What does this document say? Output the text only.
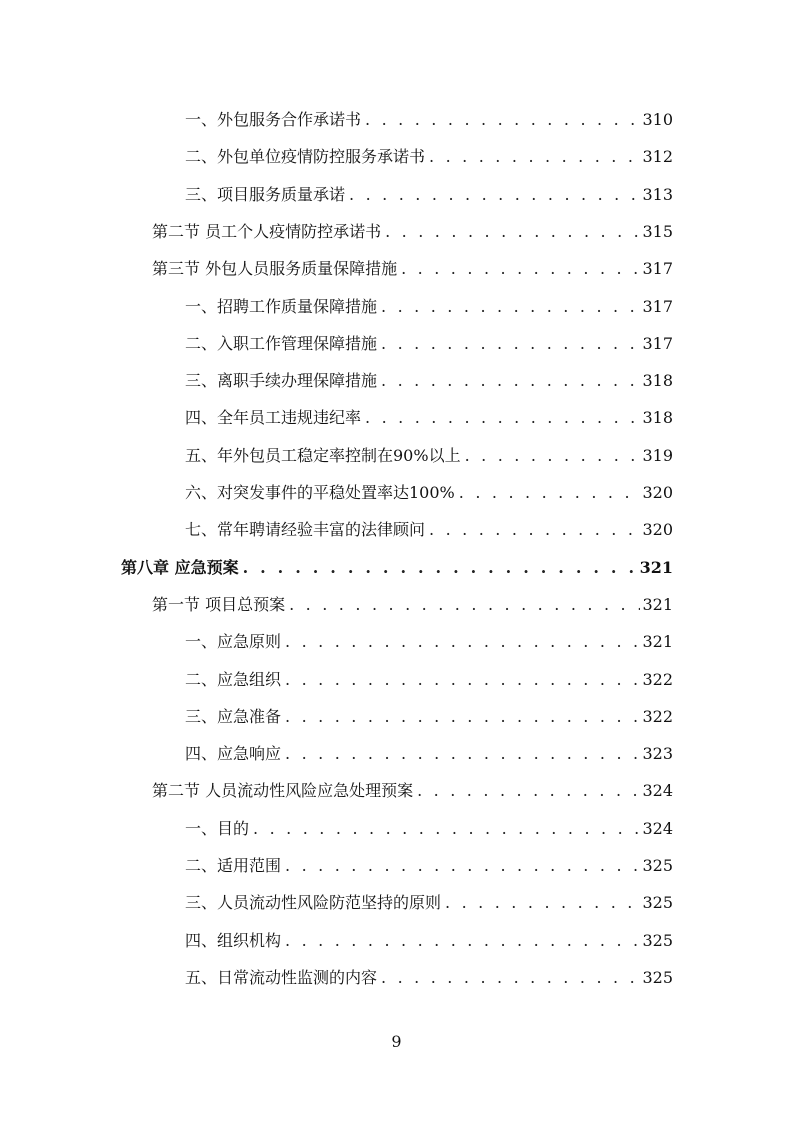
一、外包服务合作承诺书 . . .	310
二、外包单位疫情防控服务承诺书 . . .	312
三、项目服务质量承诺 . . .	313
第二节 员工个人疫情防控承诺书 . . .	315
第三节 外包人员服务质量保障措施 . . .	317
一、招聘工作质量保障措施 . . .	317
二、入职工作管理保障措施 . . .	317
三、离职手续办理保障措施 . . .	318
四、全年员工违规违纪率 . . .	318
五、年外包员工稳定率控制在90%以上 . . .	319
六、对突发事件的平稳处置率达100% . . .	320
七、常年聘请经验丰富的法律顾问 . . .	320
第八章 应急预案 . . .	321
第一节 项目总预案 . . .	321
一、应急原则 . . .	321
二、应急组织 . . .	322
三、应急准备 . . .	322
四、应急响应 . . .	323
第二节 人员流动性风险应急处理预案 . . .	324
一、目的 . . .	324
二、适用范围 . . .	325
三、人员流动性风险防范坚持的原则 . . .	325
四、组织机构 . . .	325
五、日常流动性监测的内容 . . .	325
9
